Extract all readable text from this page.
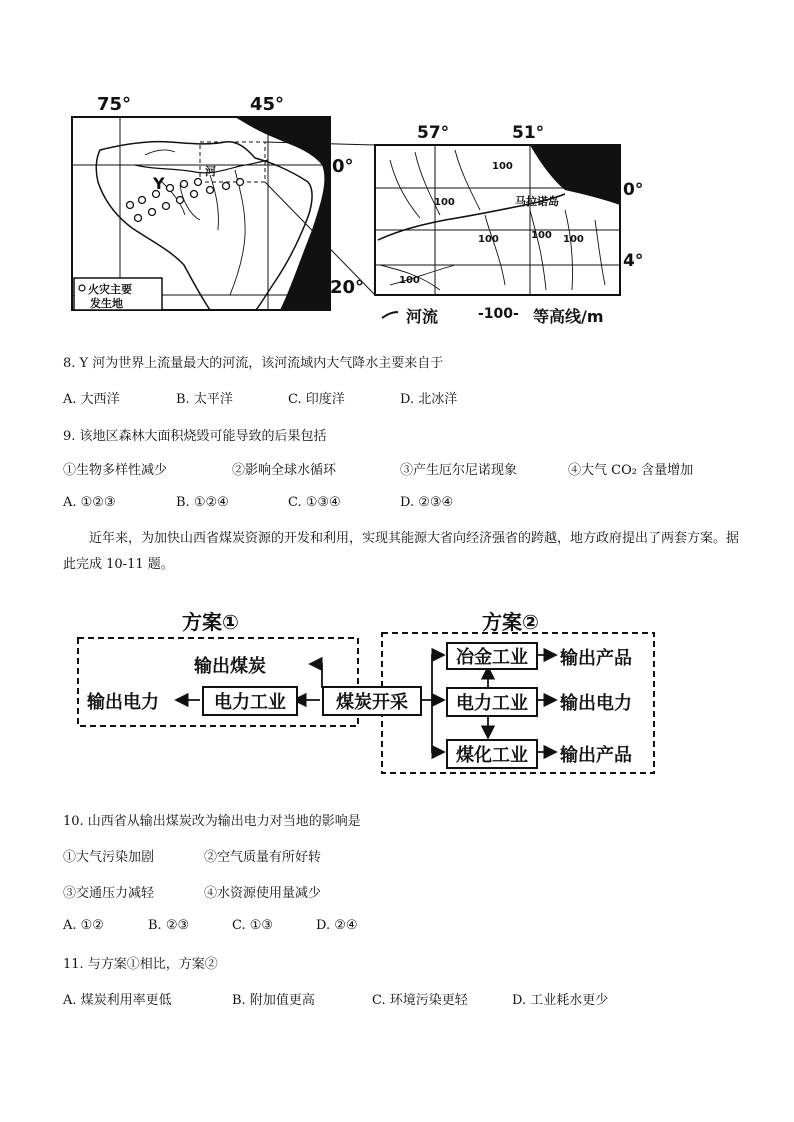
75°	45°
0°
20°
Y
河
火灾主要
发生地
57°	51°
0°
4°
马拉诺岛
100
100
100	100 100
100
河流	-100- 等高线/m
8. Y 河为世界上流量最大的河流，该河流域内大气降水主要来自于
A. 大西洋	B. 太平洋	C. 印度洋	D. 北冰洋
9. 该地区森林大面积烧毁可能导致的后果包括
①生物多样性减少	②影响全球水循环	③产生厄尔尼诺现象	④大气 CO₂ 含量增加
A. ①②③	B. ①②④	C. ①③④	D. ②③④
近年来，为加快山西省煤炭资源的开发和利用，实现其能源大省向经济强省的跨越，地方政府提出了两套方案。据此完成 10-11 题。
方案①	方案②
输出煤炭
输出电力	电力工业	煤炭开采
冶金工业
电力工业
煤化工业
输出产品
输出电力
输出产品
10. 山西省从输出煤炭改为输出电力对当地的影响是
①大气污染加剧	②空气质量有所好转
③交通压力减轻	④水资源使用量减少
A. ①②	B. ②③	C. ①③	D. ②④
11. 与方案①相比，方案②
A. 煤炭利用率更低	B. 附加值更高	C. 环境污染更轻	D. 工业耗水更少
